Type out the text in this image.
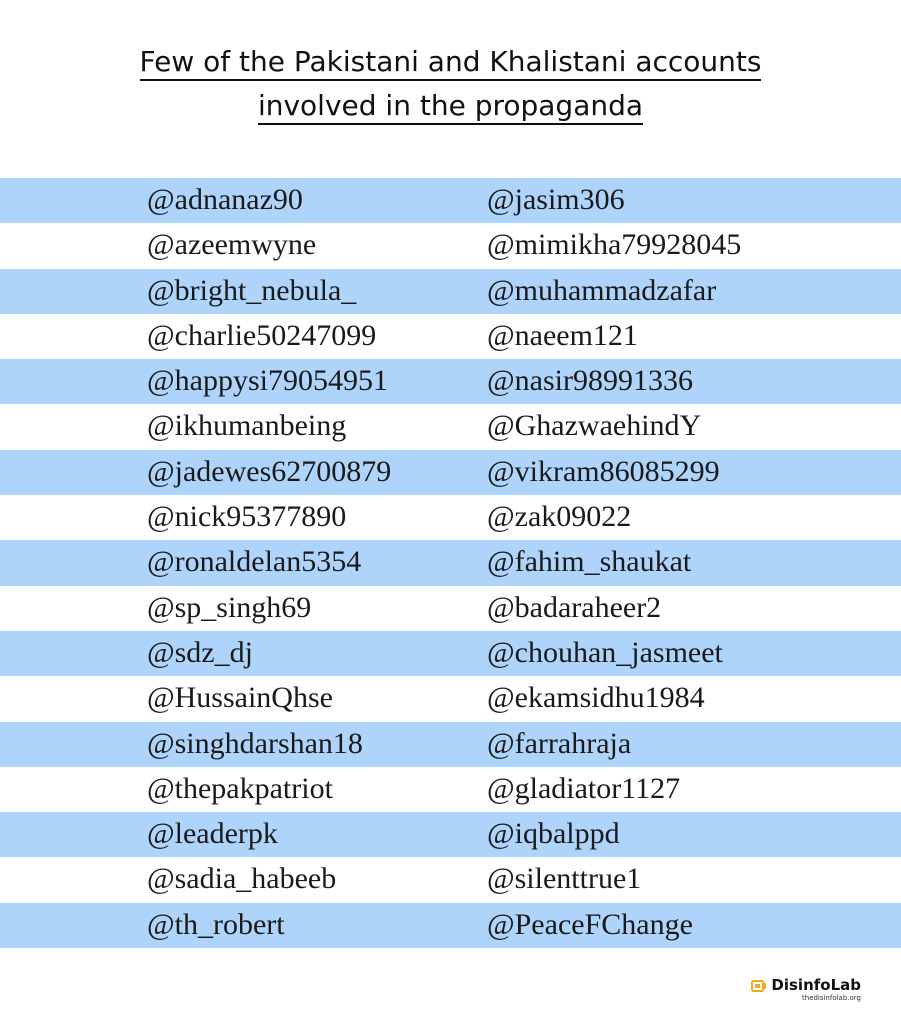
Few of the Pakistani and Khalistani accounts
involved in the propaganda
@adnanaz90	@jasim306
@azeemwyne	@mimikha79928045
@bright_nebula_	@muhammadzafar
@charlie50247099	@naeem121
@happysi79054951	@nasir98991336
@ikhumanbeing	@GhazwaehindY
@jadewes62700879	@vikram86085299
@nick95377890	@zak09022
@ronaldelan5354	@fahim_shaukat
@sp_singh69	@badaraheer2
@sdz_dj	@chouhan_jasmeet
@HussainQhse	@ekamsidhu1984
@singhdarshan18	@farrahraja
@thepakpatriot	@gladiator1127
@leaderpk	@iqbalppd
@sadia_habeeb	@silenttrue1
@th_robert	@PeaceFChange
DisinfoLab
thedisinfolab.org
